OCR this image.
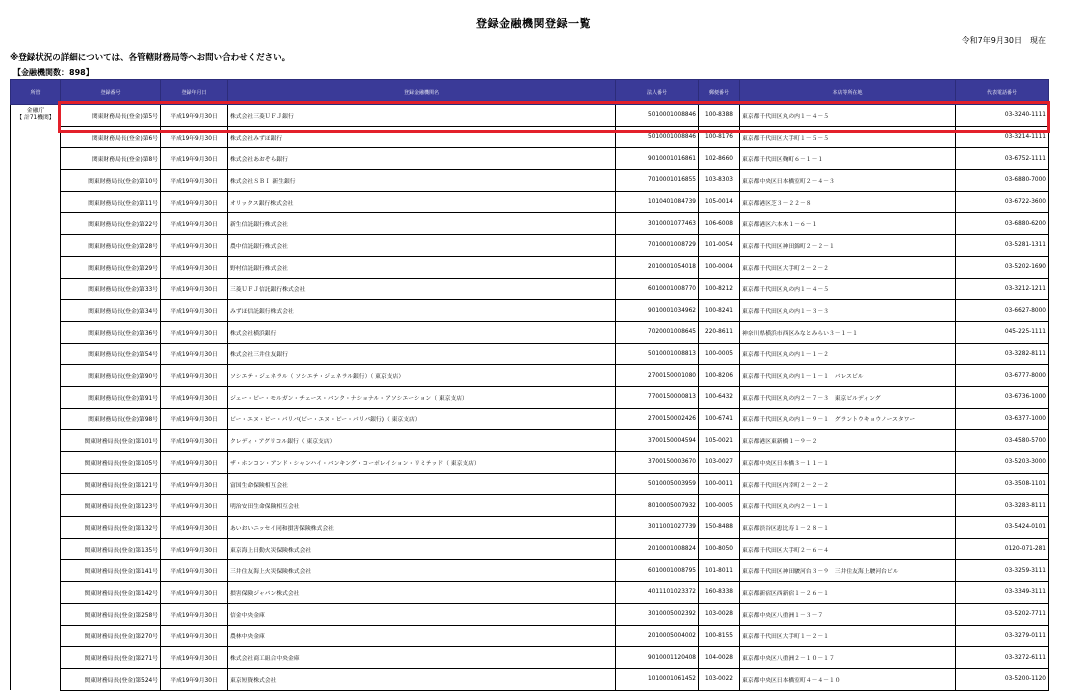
登録金融機関登録一覧
令和7年9月30日　現在
※登録状況の詳細については、各管轄財務局等へお問い合わせください。
【金融機関数：898】
所管	登録番号	登録年月日	登録金融機関名	法人番号	郵便番号	本店等所在地	代表電話番号

金融庁
【 計71機関】	関東財務局長(登金)第5号	平成19年9月30日	株式会社三菱ＵＦＪ銀行	5010001008846	100-8388	東京都千代田区丸の内１－４－５	03-3240-1111
	関東財務局長(登金)第6号	平成19年9月30日	株式会社みずほ銀行	5010001008846	100-8176	東京都千代田区大手町１－５－５	03-3214-1111
	関東財務局長(登金)第8号	平成19年9月30日	株式会社あおぞら銀行	9010001016861	102-8660	東京都千代田区麹町６－１－１	03-6752-1111
	関東財務局長(登金)第10号	平成19年9月30日	株式会社ＳＢＩ 新生銀行	7010001016855	103-8303	東京都中央区日本橋室町２－４－３	03-6880-7000
	関東財務局長(登金)第11号	平成19年9月30日	オリックス銀行株式会社	1010401084739	105-0014	東京都港区芝３－２２－８	03-6722-3600
	関東財務局長(登金)第22号	平成19年9月30日	新生信託銀行株式会社	3010001077463	106-6008	東京都港区六本木１－６－１	03-6880-6200
	関東財務局長(登金)第28号	平成19年9月30日	農中信託銀行株式会社	7010001008729	101-0054	東京都千代田区神田錦町２－２－１	03-5281-1311
	関東財務局長(登金)第29号	平成19年9月30日	野村信託銀行株式会社	2010001054018	100-0004	東京都千代田区大手町２－２－２	03-5202-1690
	関東財務局長(登金)第33号	平成19年9月30日	三菱ＵＦＪ信託銀行株式会社	6010001008770	100-8212	東京都千代田区丸の内１－４－５	03-3212-1211
	関東財務局長(登金)第34号	平成19年9月30日	みずほ信託銀行株式会社	9010001034962	100-8241	東京都千代田区丸の内１－３－３	03-6627-8000
	関東財務局長(登金)第36号	平成19年9月30日	株式会社横浜銀行	7020001008645	220-8611	神奈川県横浜市西区みなとみらい３－１－１	045-225-1111
	関東財務局長(登金)第54号	平成19年9月30日	株式会社三井住友銀行	5010001008813	100-0005	東京都千代田区丸の内１－１－２	03-3282-8111
	関東財務局長(登金)第90号	平成19年9月30日	ソシエテ・ジェネラル（ ソシエテ・ジェネラル銀行）（ 東京支店）	2700150001080	100-8206	東京都千代田区丸の内１－１－１　パレスビル	03-6777-8000
	関東財務局長(登金)第91号	平成19年9月30日	ジェー・ピー・モルガン・チェース・バンク・ナショナル・アソシエーション（ 東京支店）	7700150000813	100-6432	東京都千代田区丸の内２－７－３　東京ビルディング	03-6736-1000
	関東財務局長(登金)第98号	平成19年9月30日	ビー・エヌ・ピー・パリバ(ビー・エヌ・ピー・パリバ銀行)（ 東京支店）	2700150002426	100-6741	東京都千代田区丸の内１－９－１　グラントウキョウノースタワー	03-6377-1000
	関東財務局長(登金)第101号	平成19年9月30日	クレディ・アグリコル銀行（ 東京支店）	3700150004594	105-0021	東京都港区東新橋１－９－２	03-4580-5700
	関東財務局長(登金)第105号	平成19年9月30日	ザ・ホンコン・アンド・シャンハイ・バンキング・コーポレイション・リミテッド（ 東京支店）	3700150003670	103-0027	東京都中央区日本橋３－１１－１	03-5203-3000
	関東財務局長(登金)第121号	平成19年9月30日	富国生命保険相互会社	5010005003959	100-0011	東京都千代田区内幸町２－２－２	03-3508-1101
	関東財務局長(登金)第123号	平成19年9月30日	明治安田生命保険相互会社	8010005007932	100-0005	東京都千代田区丸の内２－１－１	03-3283-8111
	関東財務局長(登金)第132号	平成19年9月30日	あいおいニッセイ同和損害保険株式会社	3011001027739	150-8488	東京都渋谷区恵比寿１－２８－１	03-5424-0101
	関東財務局長(登金)第135号	平成19年9月30日	東京海上日動火災保険株式会社	2010001008824	100-8050	東京都千代田区大手町２－６－４	0120-071-281
	関東財務局長(登金)第141号	平成19年9月30日	三井住友海上火災保険株式会社	6010001008795	101-8011	東京都千代田区神田駿河台３－９　三井住友海上駿河台ビル	03-3259-3111
	関東財務局長(登金)第142号	平成19年9月30日	損害保険ジャパン株式会社	4011101023372	160-8338	東京都新宿区西新宿１－２６－１	03-3349-3111
	関東財務局長(登金)第258号	平成19年9月30日	信金中央金庫	3010005002392	103-0028	東京都中央区八重洲１－３－７	03-5202-7711
	関東財務局長(登金)第270号	平成19年9月30日	農林中央金庫	2010005004002	100-8155	東京都千代田区大手町１－２－１	03-3279-0111
	関東財務局長(登金)第271号	平成19年9月30日	株式会社商工組合中央金庫	9010001120408	104-0028	東京都中央区八重洲２－１０－１７	03-3272-6111
	関東財務局長(登金)第524号	平成19年9月30日	東京短資株式会社	1010001061452	103-0022	東京都中央区日本橋室町４－４－１０	03-5200-1120
